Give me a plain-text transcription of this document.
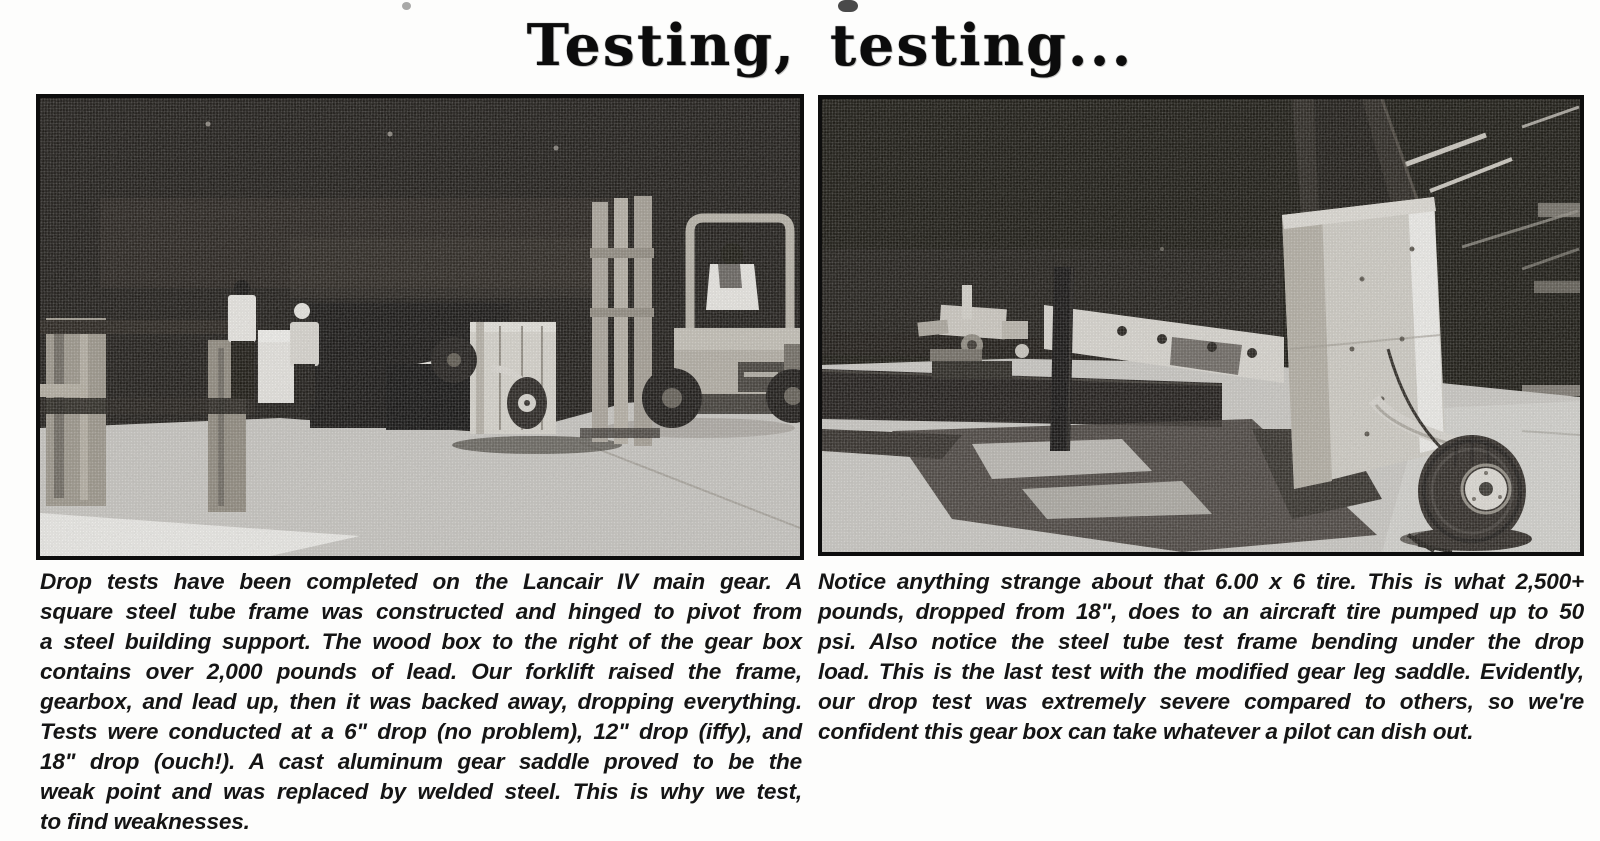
Testing, testing...
Drop tests have been completed on the Lancair IV main gear. A
square steel tube frame was constructed and hinged to pivot from
a steel building support. The wood box to the right of the gear box
contains over 2,000 pounds of lead. Our forklift raised the frame,
gearbox, and lead up, then it was backed away, dropping everything.
Tests were conducted at a 6" drop (no problem), 12" drop (iffy), and
18" drop (ouch!). A cast aluminum gear saddle proved to be the
weak point and was replaced by welded steel. This is why we test,
to find weaknesses.
Notice anything strange about that 6.00 x 6 tire. This is what 2,500+
pounds, dropped from 18", does to an aircraft tire pumped up to 50
psi. Also notice the steel tube test frame bending under the drop
load. This is the last test with the modified gear leg saddle. Evidently,
our drop test was extremely severe compared to others, so we're
confident this gear box can take whatever a pilot can dish out.
